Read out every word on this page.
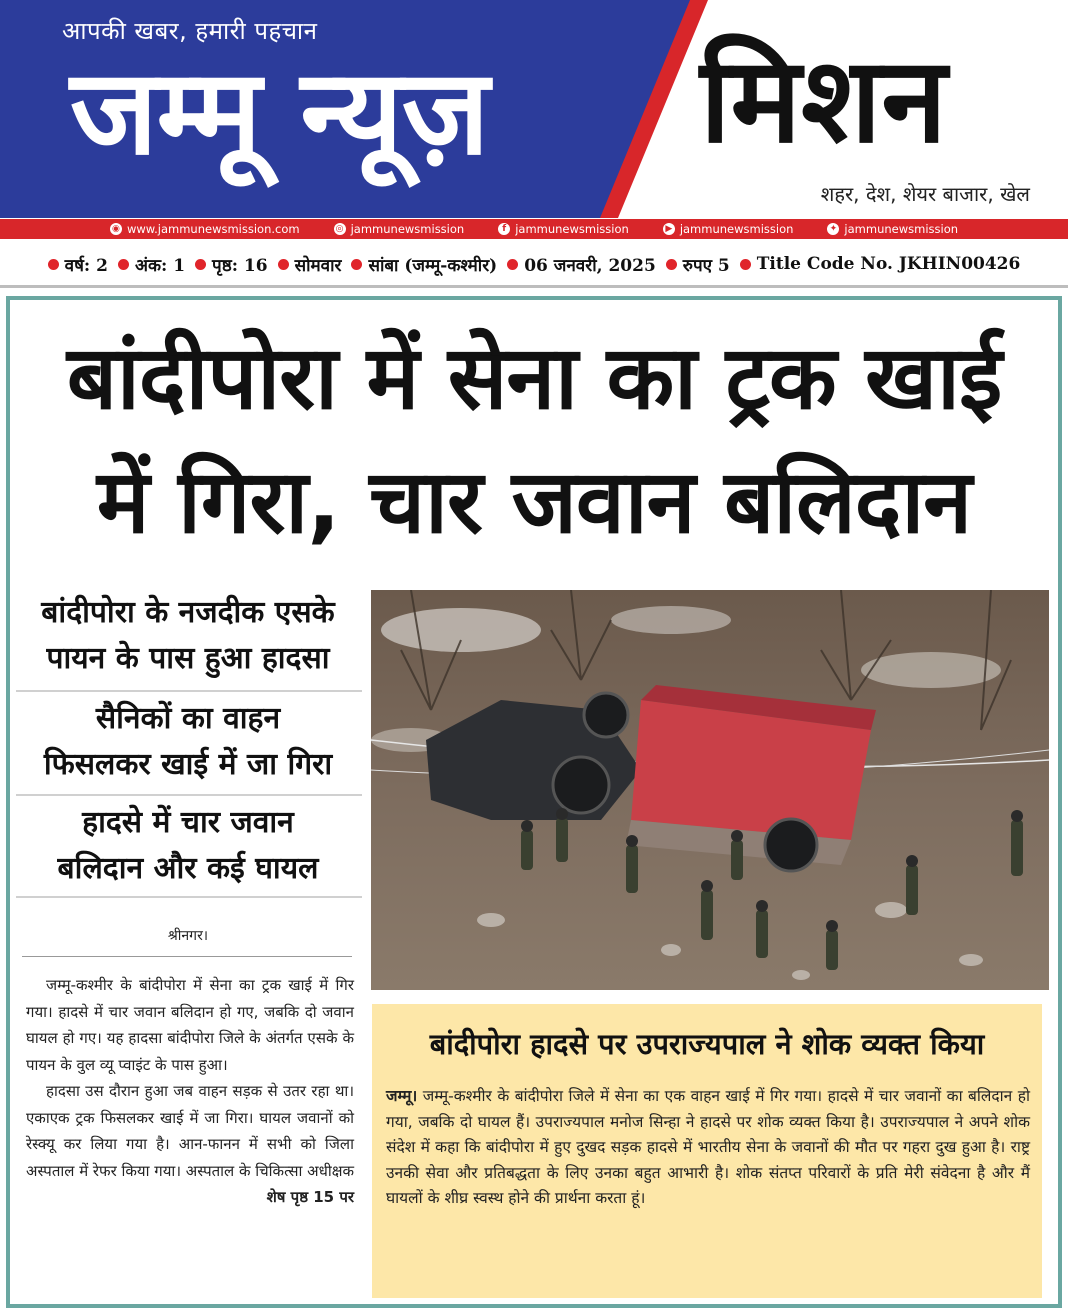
आपकी खबर, हमारी पहचान
जम्मू न्यूज़ मिशन
शहर, देश, शेयर बाजार, खेल
◉ www.jammunewsmission.com	◎ jammunewsmission	f jammunewsmission	▶ jammunewsmission	✦ jammunewsmission
वर्ष: 2 अंक: 1 पृष्ठ: 16 सोमवार सांबा (जम्मू-कश्मीर) 06 जनवरी, 2025 रुपए 5 Title Code No. JKHIN00426
बांदीपोरा में सेना का ट्रक खाई
में गिरा, चार जवान बलिदान
बांदीपोरा के नजदीक एसके
पायन के पास हुआ हादसा
सैनिकों का वाहन
फिसलकर खाई में जा गिरा
हादसे में चार जवान
बलिदान और कई घायल
श्रीनगर।

जम्मू-कश्मीर के बांदीपोरा में सेना का ट्रक खाई में गिर गया। हादसे में चार जवान बलिदान हो गए, जबकि दो जवान घायल हो गए। यह हादसा बांदीपोरा जिले के अंतर्गत एसके के पायन के वुल व्यू प्वाइंट के पास हुआ।

हादसा उस दौरान हुआ जब वाहन सड़क से उतर रहा था। एकाएक ट्रक फिसलकर खाई में जा गिरा। घायल जवानों को रेस्क्यू कर लिया गया है। आन-फानन में सभी को जिला अस्पताल में रेफर किया गया। अस्पताल के चिकित्सा अधीक्षक
शेष पृष्ठ 15 पर

बांदीपोरा हादसे पर उपराज्यपाल ने शोक व्यक्त किया
जम्मू। जम्मू-कश्मीर के बांदीपोरा जिले में सेना का एक वाहन खाई में गिर गया। हादसे में चार जवानों का बलिदान हो गया, जबकि दो घायल हैं। उपराज्यपाल मनोज सिन्हा ने हादसे पर शोक व्यक्त किया है। उपराज्यपाल ने अपने शोक संदेश में कहा कि बांदीपोरा में हुए दुखद सड़क हादसे में भारतीय सेना के जवानों की मौत पर गहरा दुख हुआ है। राष्ट्र उनकी सेवा और प्रतिबद्धता के लिए उनका बहुत आभारी है। शोक संतप्त परिवारों के प्रति मेरी संवेदना है और मैं घायलों के शीघ्र स्वस्थ होने की प्रार्थना करता हूं।
